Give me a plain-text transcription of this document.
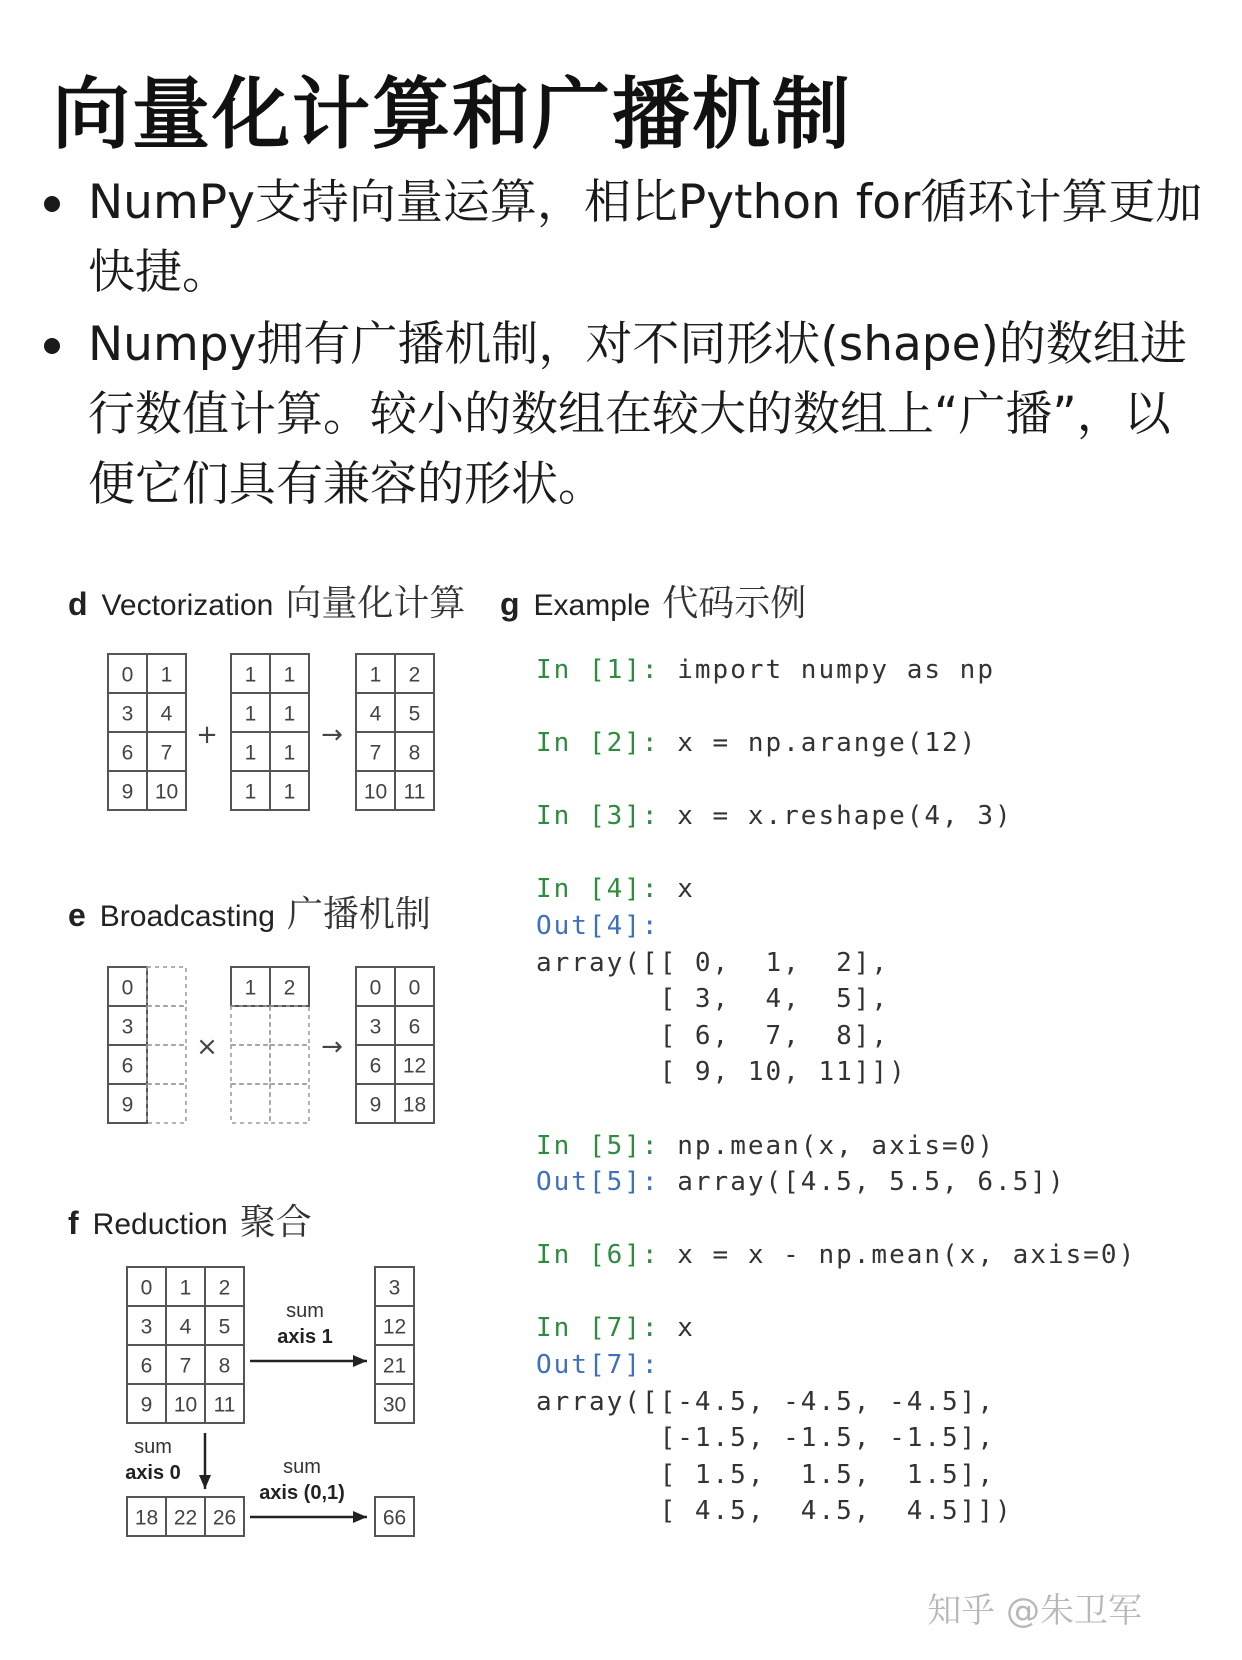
向量化计算和广播机制
NumPy支持向量运算，相比Python for循环计算更加快捷。
Numpy拥有广播机制，对不同形状(shape)的数组进行数值计算。较小的数组在较大的数组上“广播”，以便它们具有兼容的形状。
d Vectorization 向量化计算
e Broadcasting 广播机制
f Reduction 聚合
g Example 代码示例
0 1
3 4
6 7
9 10
+
1 1
1 1
1 1
1 1
→
1 2
4 5
7 8
10 11
0
3
6
9
×
1 2
→
0 0
3 6
6 12
9 18
0 1 2
3 4 5
6 7 8
9 10 11
3
12
21
30
sum
axis 1
sum
axis 0
18 22 26
sum
axis (0,1)
66
In [1]: import numpy as np
In [2]: x = np.arange(12)
In [3]: x = x.reshape(4, 3)
In [4]: x
Out[4]:
array([[ 0,  1,  2],
[ 3,  4,  5],
[ 6,  7,  8],
[ 9, 10, 11]])
In [5]: np.mean(x, axis=0)
Out[5]: array([4.5, 5.5, 6.5])
In [6]: x = x - np.mean(x, axis=0)
In [7]: x
Out[7]:
array([[-4.5, -4.5, -4.5],
[-1.5, -1.5, -1.5],
[ 1.5,  1.5,  1.5],
[ 4.5,  4.5,  4.5]])
知乎 @朱卫军
